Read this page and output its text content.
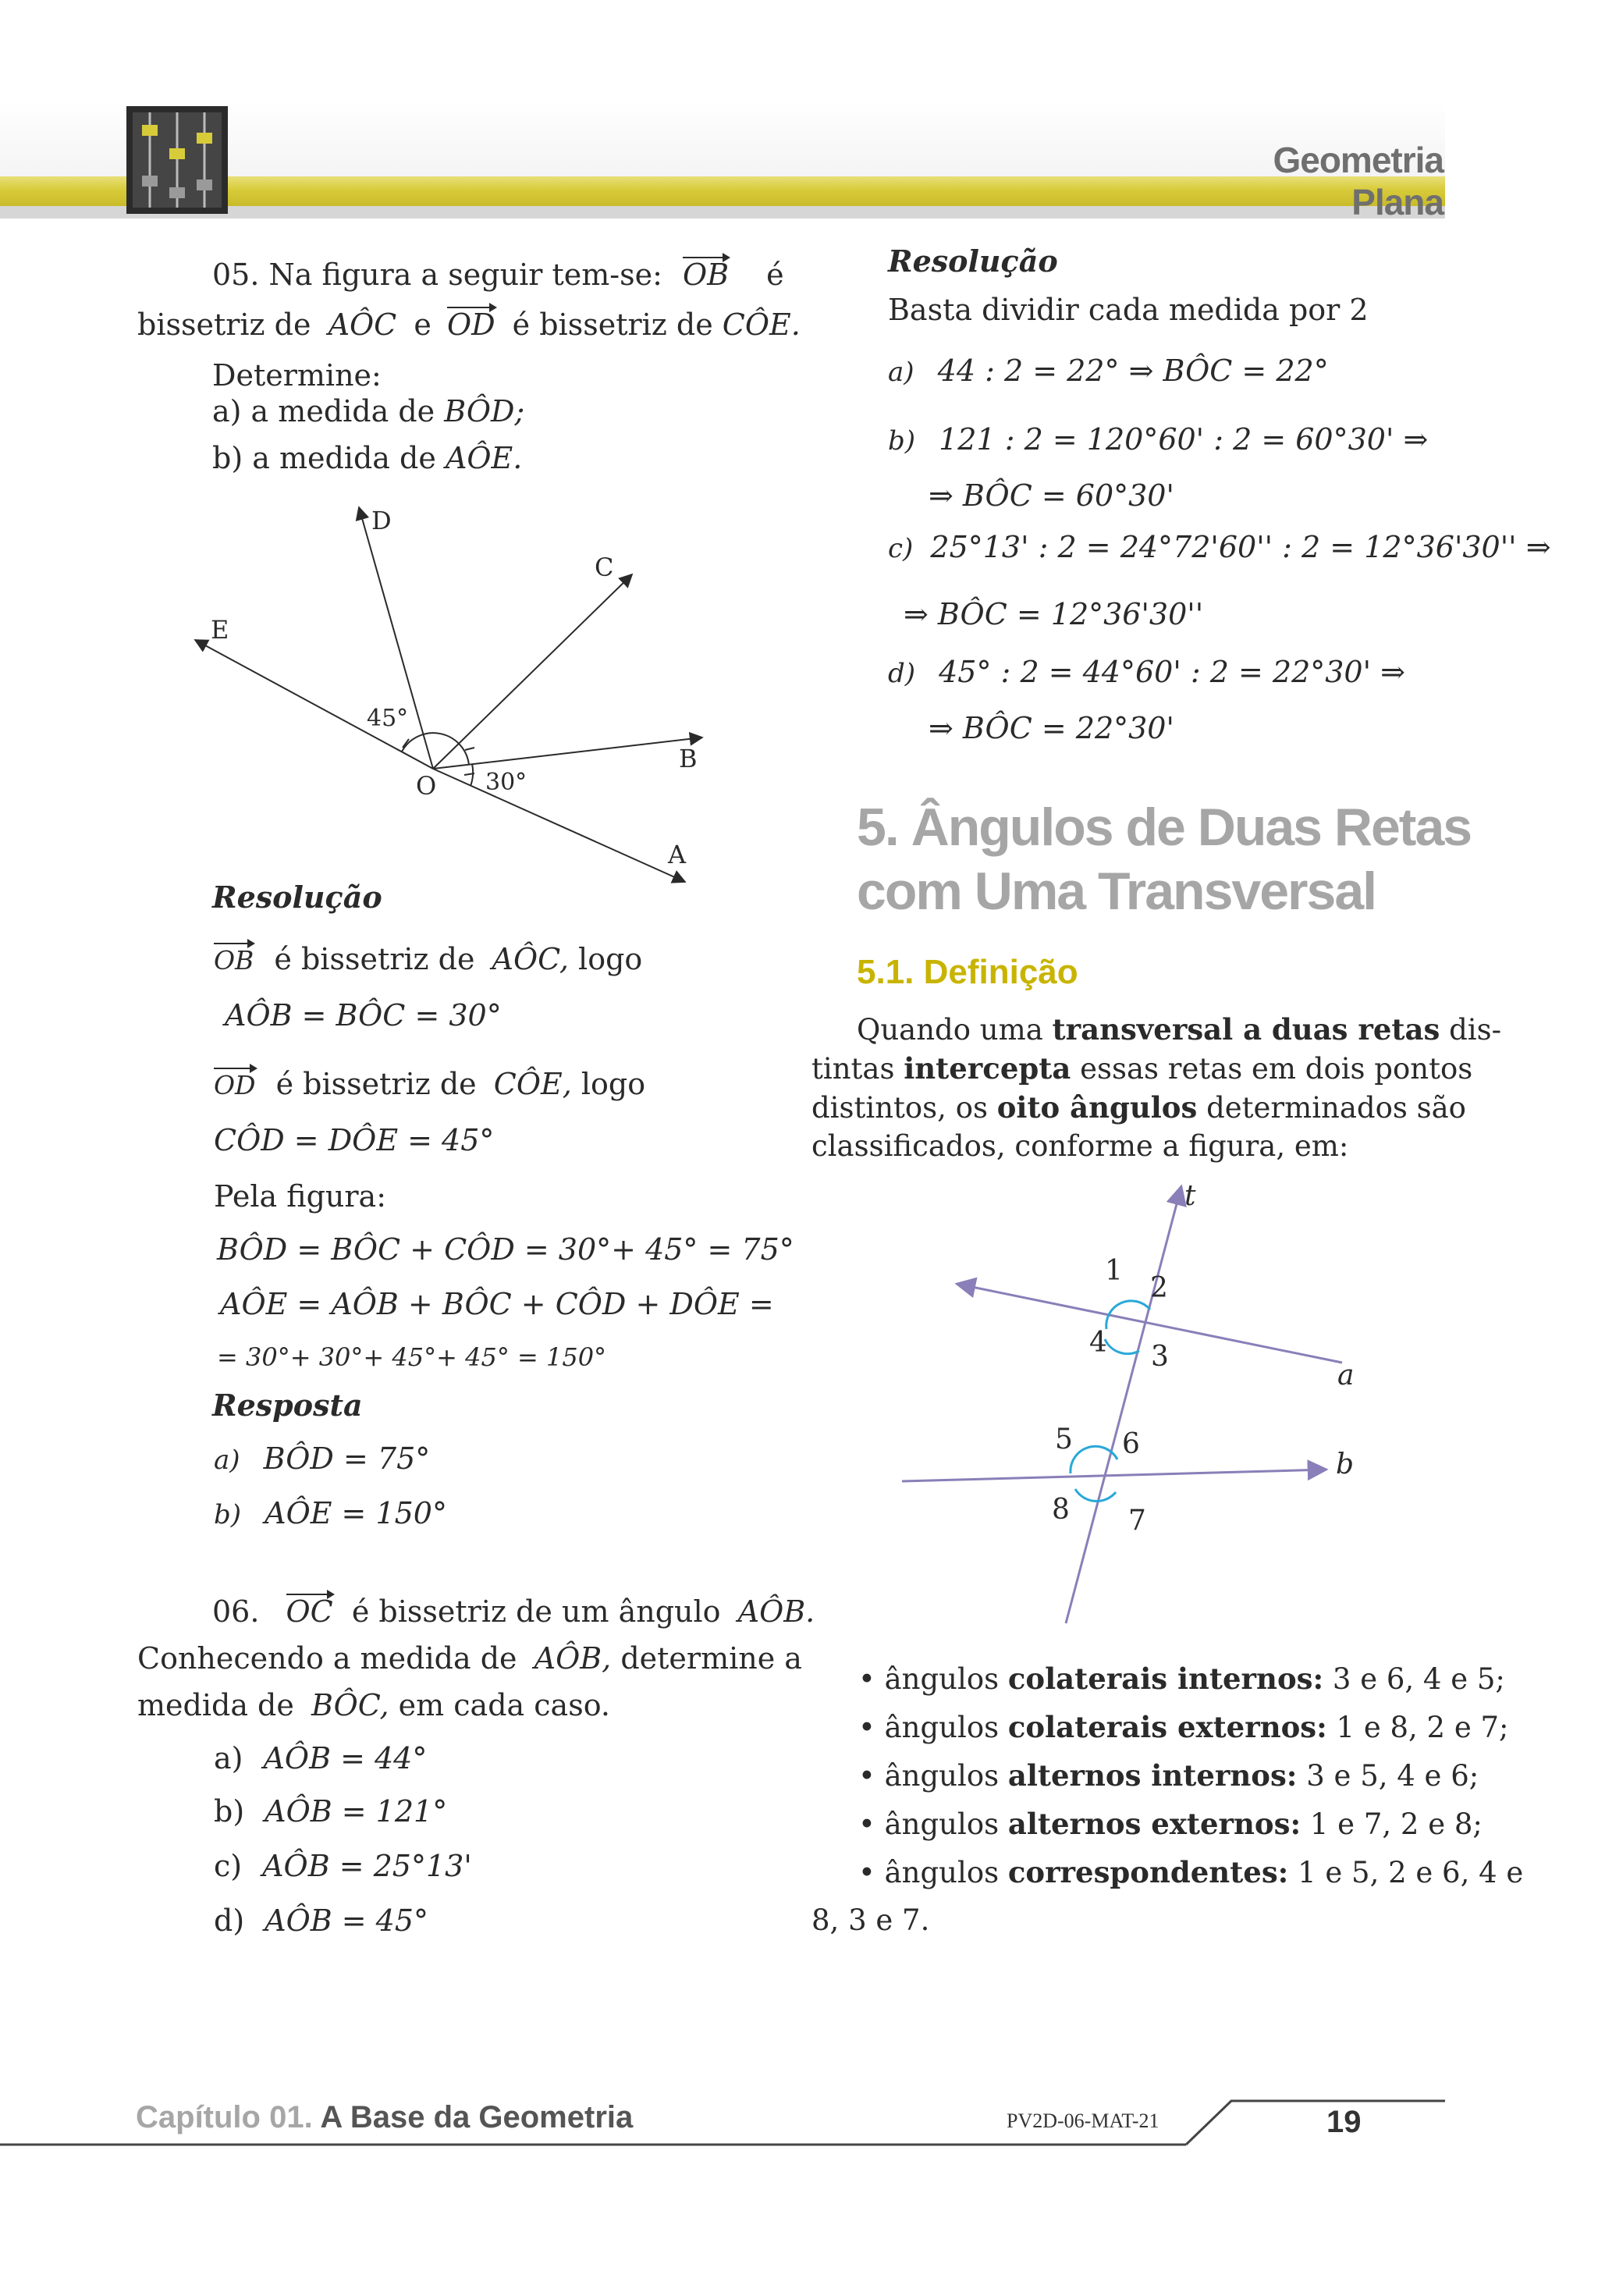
Geometria Plana
05. Na figura a seguir tem-se: OB é
bissetriz de AÔC e OD é bissetriz de CÔE.
Determine:
a) a medida de BÔD;
b) a medida de AÔE.
D
C
E
B
O
A
45°
30°
Resolução
OB é bissetriz de AÔC, logo
AÔB = BÔC = 30°
OD é bissetriz de CÔE, logo
CÔD = DÔE = 45°
Pela figura:
BÔD = BÔC + CÔD = 30°+ 45° = 75°
AÔE = AÔB + BÔC + CÔD + DÔE =
= 30°+ 30°+ 45°+ 45° = 150°
Resposta
a) BÔD = 75°
b) AÔE = 150°
06. OC é bissetriz de um ângulo AÔB.
Conhecendo a medida de AÔB, determine a
medida de BÔC, em cada caso.
a) AÔB = 44°
b) AÔB = 121°
c) AÔB = 25°13'
d) AÔB = 45°
Resolução
Basta dividir cada medida por 2
a) 44 : 2 = 22° ⇒ BÔC = 22°
b) 121 : 2 = 120°60' : 2 = 60°30' ⇒
⇒ BÔC = 60°30'
c) 25°13' : 2 = 24°72'60'' : 2 = 12°36'30'' ⇒
⇒ BÔC = 12°36'30''
d) 45° : 2 = 44°60' : 2 = 22°30' ⇒
⇒ BÔC = 22°30'
5. Ângulos de Duas Retas
com Uma Transversal
5.1. Definição
Quando uma transversal a duas retas dis-
tintas intercepta essas retas em dois pontos
distintos, os oito ângulos determinados são
classificados, conforme a figura, em:
t
a
b
1
2
3
4
5 6
7
8
• ângulos colaterais internos: 3 e 6, 4 e 5;
• ângulos colaterais externos: 1 e 8, 2 e 7;
• ângulos alternos internos: 3 e 5, 4 e 6;
• ângulos alternos externos: 1 e 7, 2 e 8;
• ângulos correspondentes: 1 e 5, 2 e 6, 4 e
8, 3 e 7.
Capítulo 01. A Base da Geometria	PV2D-06-MAT-21	19
